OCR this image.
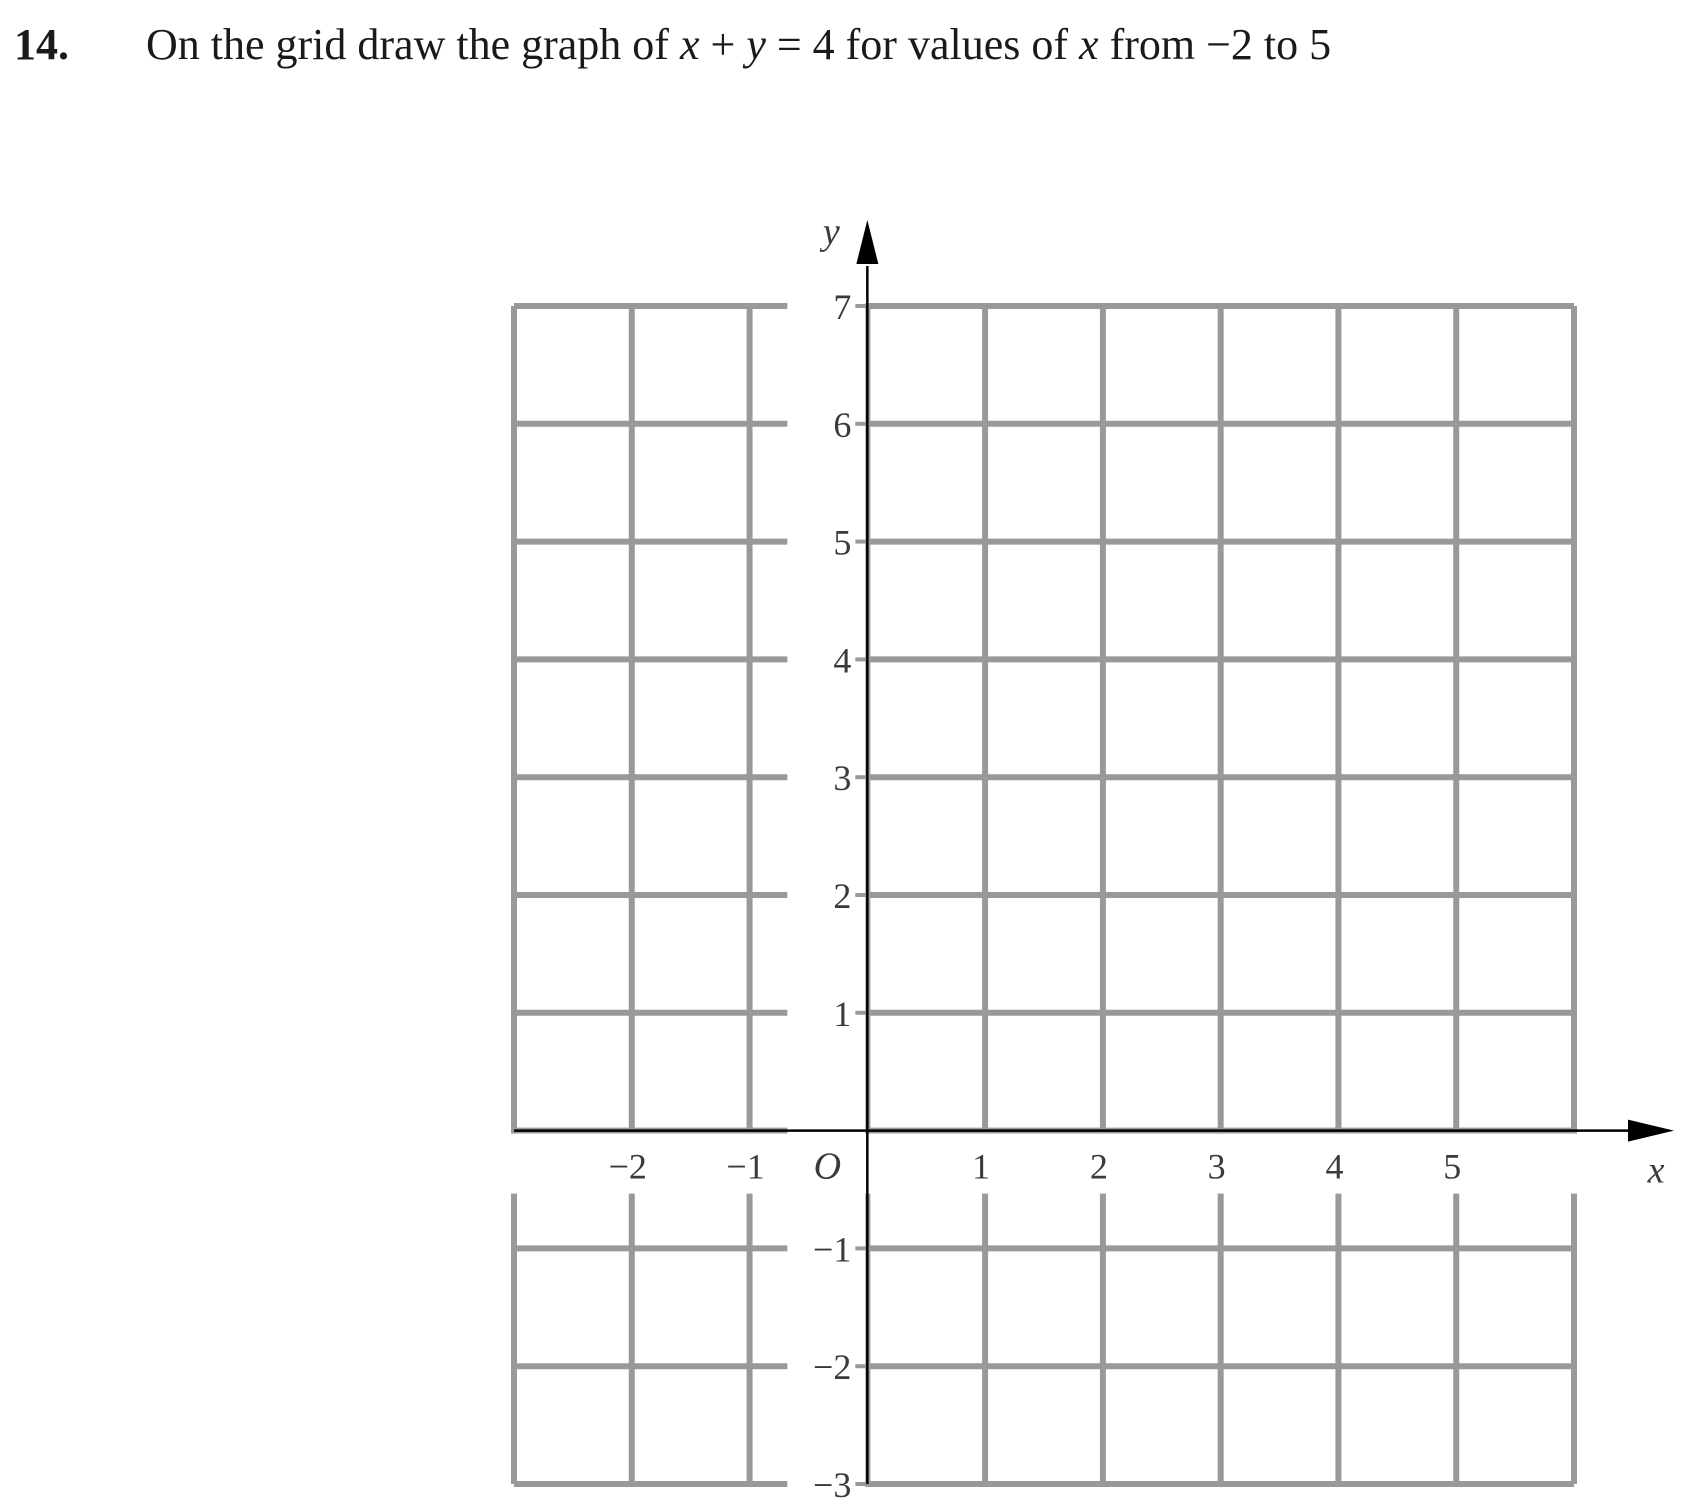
14.	On the grid draw the graph of x + y = 4 for values of x from −2 to 5
−2 −1	1	2	3	4	5
−3
−2
−1
1
2
3
4
5
6
7
O	x
y
